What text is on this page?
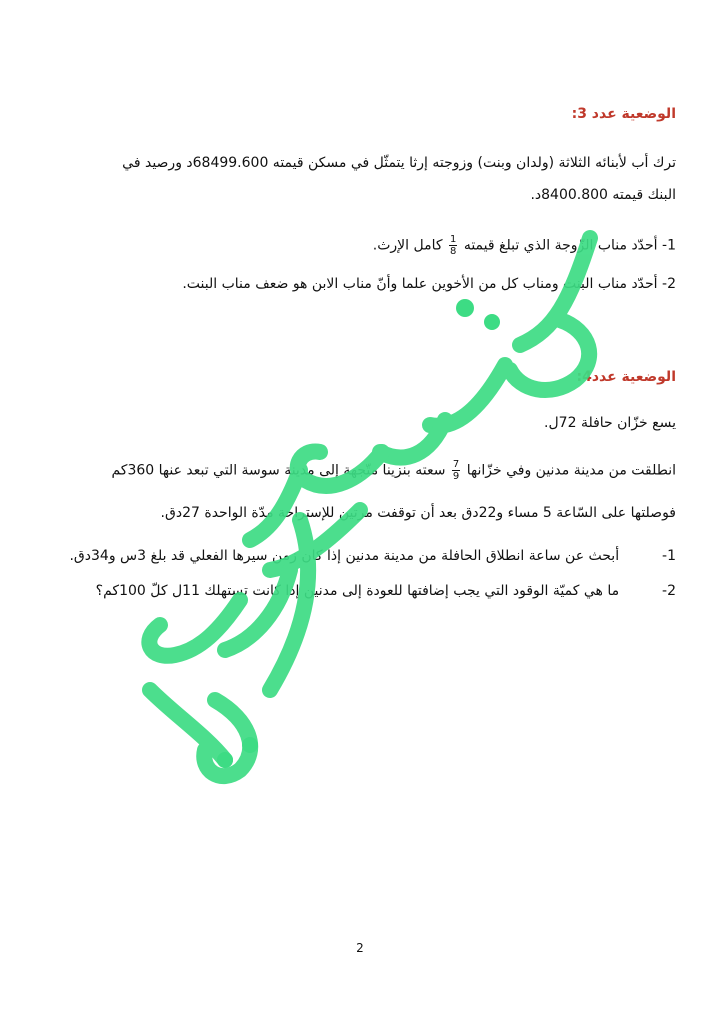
الوضعية عدد 3:
ترك أب لأبنائه الثلاثة (ولدان وبنت) وزوجته إرثا يتمثّل في مسكن قيمته 68499.600د ورصيد في
البنك قيمته 8400.800د.
1- أحدّد مناب الزّوجة الذي تبلغ قيمته
$\frac{1}{8}$
كامل الإرث.
2- أحدّد مناب البنت ومناب كل من الأخوين علما وأنّ مناب الابن هو ضعف مناب البنت.
الوضعية عدد4:
يسع خزّان حافلة 72ل.
انطلقت من مدينة مدنين وفي خزّانها
$\frac{7}{9}$
سعته بنزينا متّجهة إلى مدينة سوسة التي تبعد عنها 360كم
فوصلتها على السّاعة 5 مساء و22دق بعد أن توقفت مرتين للإستراحة مدّة الواحدة 27دق.
1-  أبحث عن ساعة انطلاق الحافلة من مدينة مدنين إذا كان زمن سيرها الفعلي قد بلغ 3س و34دق.
2-  ما هي كميّة الوقود التي يجب إضافتها للعودة إلى مدنين إذا كانت تستهلك 11ل كلّ 100كم؟
2
